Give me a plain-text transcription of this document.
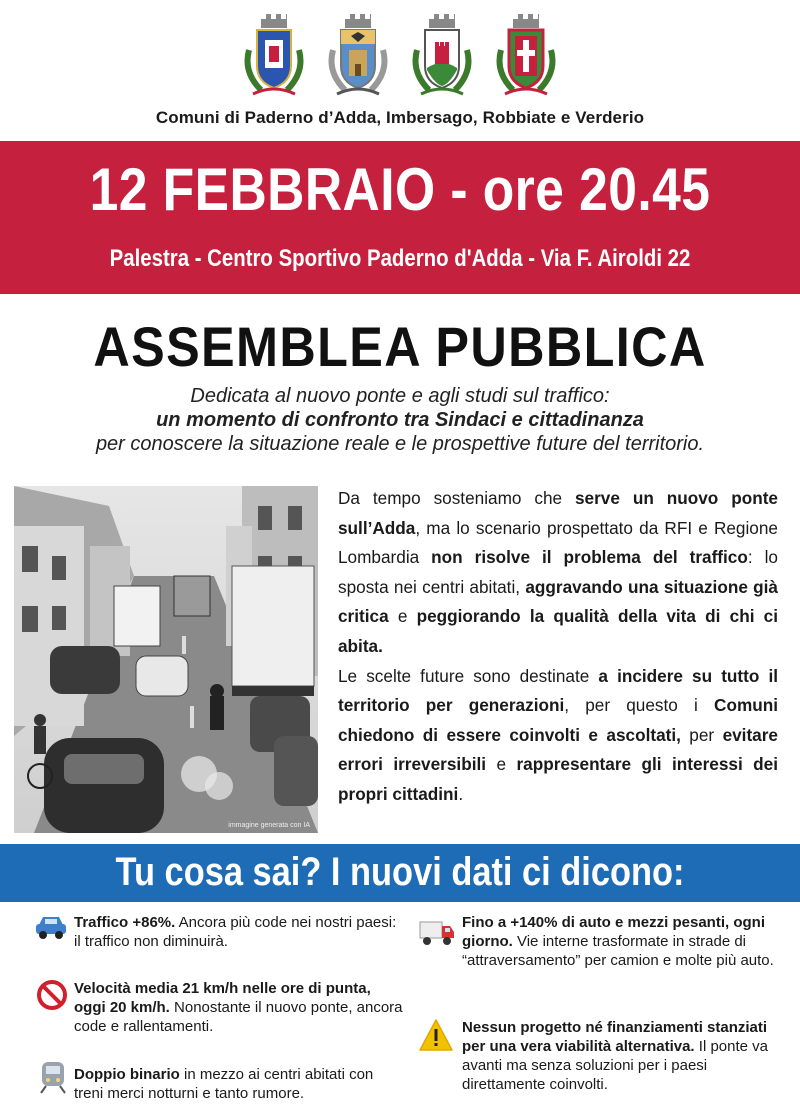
Comuni di Paderno d’Adda, Imbersago, Robbiate e Verderio
12 FEBBRAIO - ore 20.45
Palestra - Centro Sportivo Paderno d'Adda - Via F. Airoldi 22
ASSEMBLEA PUBBLICA
Dedicata al nuovo ponte e agli studi sul traffico:
un momento di confronto tra Sindaci e cittadinanza
per conoscere la situazione reale e le prospettive future del territorio.
immagine generata con IA

Da tempo sosteniamo che serve un nuovo ponte sull’Adda, ma lo scenario prospettato da RFI e Regione Lombardia non risolve il problema del traffico: lo sposta nei centri abitati, aggravando una situazione già critica e peggiorando la qualità della vita di chi ci abita.

Le scelte future sono destinate a incidere su tutto il territorio per generazioni, per questo i Comuni chiedono di essere coinvolti e ascoltati, per evitare errori irreversibili e rappresentare gli interessi dei propri cittadini.

Tu cosa sai? I nuovi dati ci dicono:
Traffico +86%. Ancora più code nei nostri paesi: il traffico non diminuirà.
Velocità media 21 km/h nelle ore di punta, oggi 20 km/h. Nonostante il nuovo ponte, ancora code e rallentamenti.
Doppio binario in mezzo ai centri abitati con treni merci notturni e tanto rumore.
Fino a +140% di auto e mezzi pesanti, ogni giorno. Vie interne trasformate in strade di “attraversamento” per camion e molte più auto.
Nessun progetto né finanziamenti stanziati per una vera viabilità alternativa. Il ponte va avanti ma senza soluzioni per i paesi direttamente coinvolti.
